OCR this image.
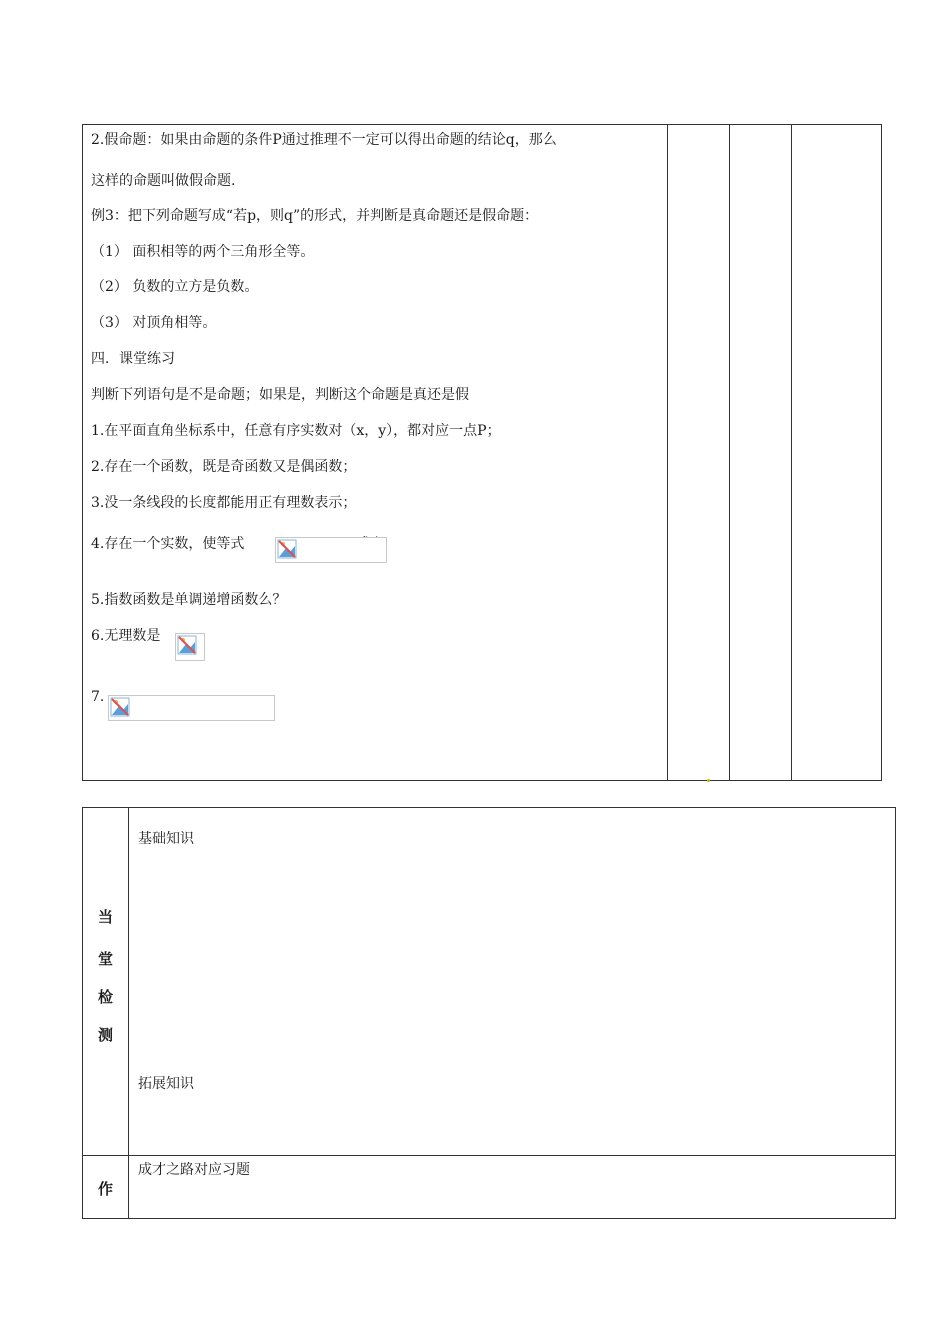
2.假命题：如果由命题的条件P通过推理不一定可以得出命题的结论q，那么
这样的命题叫做假命题.
例3：把下列命题写成“若p，则q”的形式，并判断是真命题还是假命题：
（1） 面积相等的两个三角形全等。
（2） 负数的立方是负数。
（3） 对顶角相等。
四．课堂练习
判断下列语句是不是命题；如果是，判断这个命题是真还是假
1.在平面直角坐标系中，任意有序实数对（x，y），都对应一点P；
2.存在一个函数，既是奇函数又是偶函数；
3.没一条线段的长度都能用正有理数表示；
4.存在一个实数，使等式
5.指数函数是单调递增函数么？
6.无理数是
7.
当
堂
检
测
基础知识
拓展知识
作
成才之路对应习题
